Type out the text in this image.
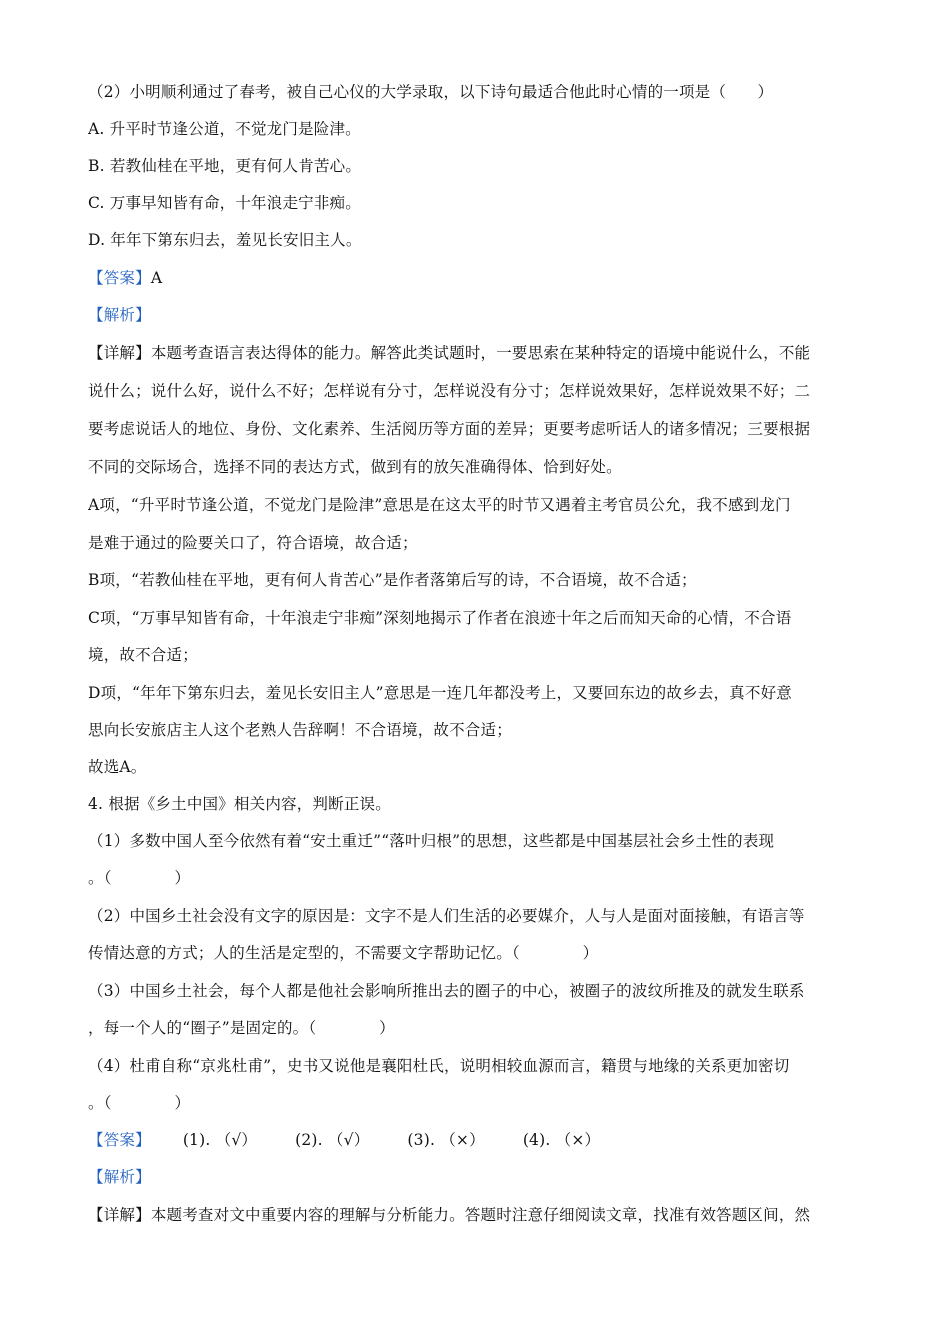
（2）小明顺利通过了春考，被自己心仪的大学录取，以下诗句最适合他此时心情的一项是（　　）
A. 升平时节逢公道，不觉龙门是险津。
B. 若教仙桂在平地，更有何人肯苦心。
C. 万事早知皆有命，十年浪走宁非痴。
D. 年年下第东归去，羞见长安旧主人。
【答案】A
【解析】
【详解】本题考查语言表达得体的能力。解答此类试题时，一要思索在某种特定的语境中能说什么，不能
说什么；说什么好，说什么不好；怎样说有分寸，怎样说没有分寸；怎样说效果好，怎样说效果不好；二
要考虑说话人的地位、身份、文化素养、生活阅历等方面的差异；更要考虑听话人的诸多情况；三要根据
不同的交际场合，选择不同的表达方式，做到有的放矢准确得体、恰到好处。
A项，“升平时节逢公道，不觉龙门是险津”意思是在这太平的时节又遇着主考官员公允，我不感到龙门
是难于通过的险要关口了，符合语境，故合适；
B项，“若教仙桂在平地，更有何人肯苦心”是作者落第后写的诗，不合语境，故不合适；
C项，“万事早知皆有命，十年浪走宁非痴”深刻地揭示了作者在浪迹十年之后而知天命的心情，不合语
境，故不合适；
D项，“年年下第东归去，羞见长安旧主人”意思是一连几年都没考上，又要回东边的故乡去，真不好意
思向长安旅店主人这个老熟人告辞啊！不合语境，故不合适；
故选A。
4. 根据《乡土中国》相关内容，判断正误。
（1）多数中国人至今依然有着“安土重迁”“落叶归根”的思想，这些都是中国基层社会乡土性的表现
。（　　　　）
（2）中国乡土社会没有文字的原因是：文字不是人们生活的必要媒介，人与人是面对面接触，有语言等
传情达意的方式；人的生活是定型的，不需要文字帮助记忆。（　　　　）
（3）中国乡土社会，每个人都是他社会影响所推出去的圈子的中心，被圈子的波纹所推及的就发生联系
，每一个人的“圈子”是固定的。（　　　　）
（4）杜甫自称“京兆杜甫”，史书又说他是襄阳杜氏，说明相较血源而言，籍贯与地缘的关系更加密切
。（　　　　）
【答案】 (1). （√） (2). （√） (3). （×） (4). （×）
【解析】
【详解】本题考查对文中重要内容的理解与分析能力。答题时注意仔细阅读文章，找准有效答题区间，然
